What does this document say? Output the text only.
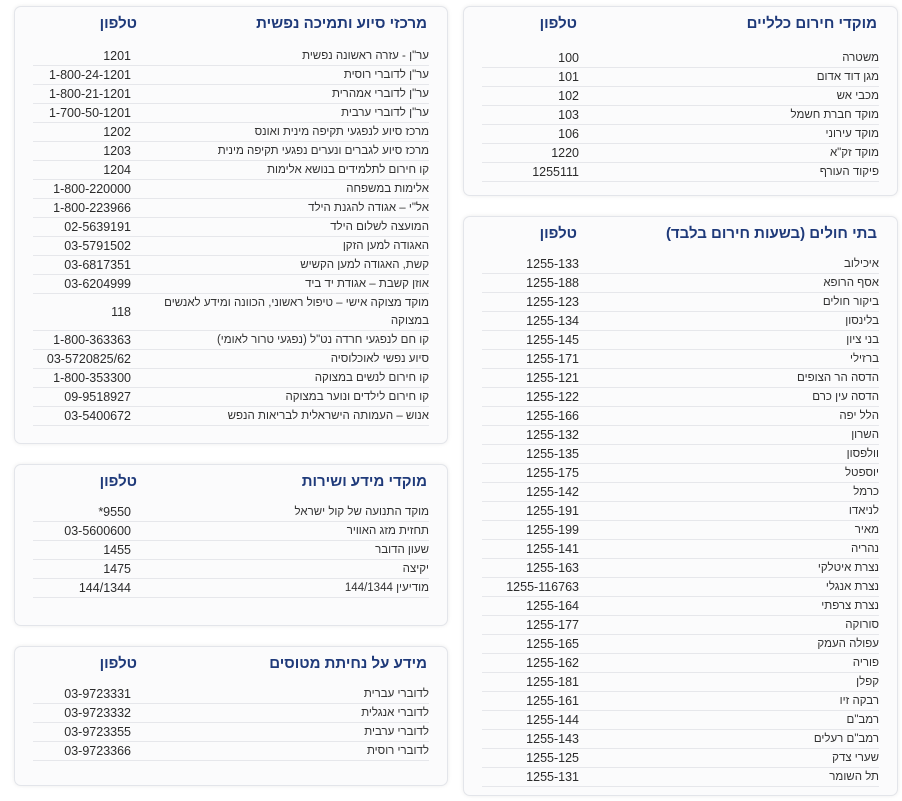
מוקדי חירום כלליים
טלפון
משטרה
100
מגן דוד אדום
101
מכבי אש
102
מוקד חברת חשמל
103
מוקד עירוני
106
מוקד זק"א
1220
פיקוד העורף
1255111
בתי חולים (בשעות חירום בלבד)
טלפון
איכילוב
1255-133
אסף הרופא
1255-188
ביקור חולים
1255-123
בלינסון
1255-134
בני ציון
1255-145
ברזילי
1255-171
הדסה הר הצופים
1255-121
הדסה עין כרם
1255-122
הלל יפה
1255-166
השרון
1255-132
וולפסון
1255-135
יוספטל
1255-175
כרמל
1255-142
לניאדו
1255-191
מאיר
1255-199
נהריה
1255-141
נצרת איטלקי
1255-163
נצרת אנגלי
1255-116763
נצרת צרפתי
1255-164
סורוקה
1255-177
עפולה העמק
1255-165
פוריה
1255-162
קפלן
1255-181
רבקה זיו
1255-161
רמב"ם
1255-144
רמב"ם רעלים
1255-143
שערי צדק
1255-125
תל השומר
1255-131
מרכזי סיוע ותמיכה נפשית
טלפון
ער"ן - עזרה ראשונה נפשית
1201
ער"ן לדוברי רוסית
1-800-24-1201
ער"ן לדוברי אמהרית
1-800-21-1201
ער"ן לדוברי ערבית
1-700-50-1201
מרכז סיוע לנפגעי תקיפה מינית ואונס
1202
מרכז סיוע לגברים ונערים נפגעי תקיפה מינית
1203
קו חירום לתלמידים בנושא אלימות
1204
אלימות במשפחה
1-800-220000
אל"י – אגודה להגנת הילד
1-800-223966
המועצה לשלום הילד
02-5639191
האגודה למען הזקן
03-5791502
קשת, האגודה למען הקשיש
03-6817351
אוזן קשבת – אגודת יד ביד
03-6204999
מוקד מצוקה אישי – טיפול ראשוני, הכוונה ומידע לאנשים במצוקה
118
קו חם לנפגעי חרדה נט"ל (נפגעי טרור לאומי)
1-800-363363
סיוע נפשי לאוכלוסיה
03-5720825/62
קו חירום לנשים במצוקה
1-800-353300
קו חירום לילדים ונוער במצוקה
09-9518927
אנוש – העמותה הישראלית לבריאות הנפש
03-5400672
מוקדי מידע ושירות
טלפון
מוקד התנועה של קול ישראל
*9550
תחזית מזג האוויר
03-5600600
שעון הדובר
1455
יקיצה
1475
מודיעין 144/1344
144/1344
מידע על נחיתת מטוסים
טלפון
לדוברי עברית
03-9723331
לדוברי אנגלית
03-9723332
לדוברי ערבית
03-9723355
לדוברי רוסית
03-9723366
